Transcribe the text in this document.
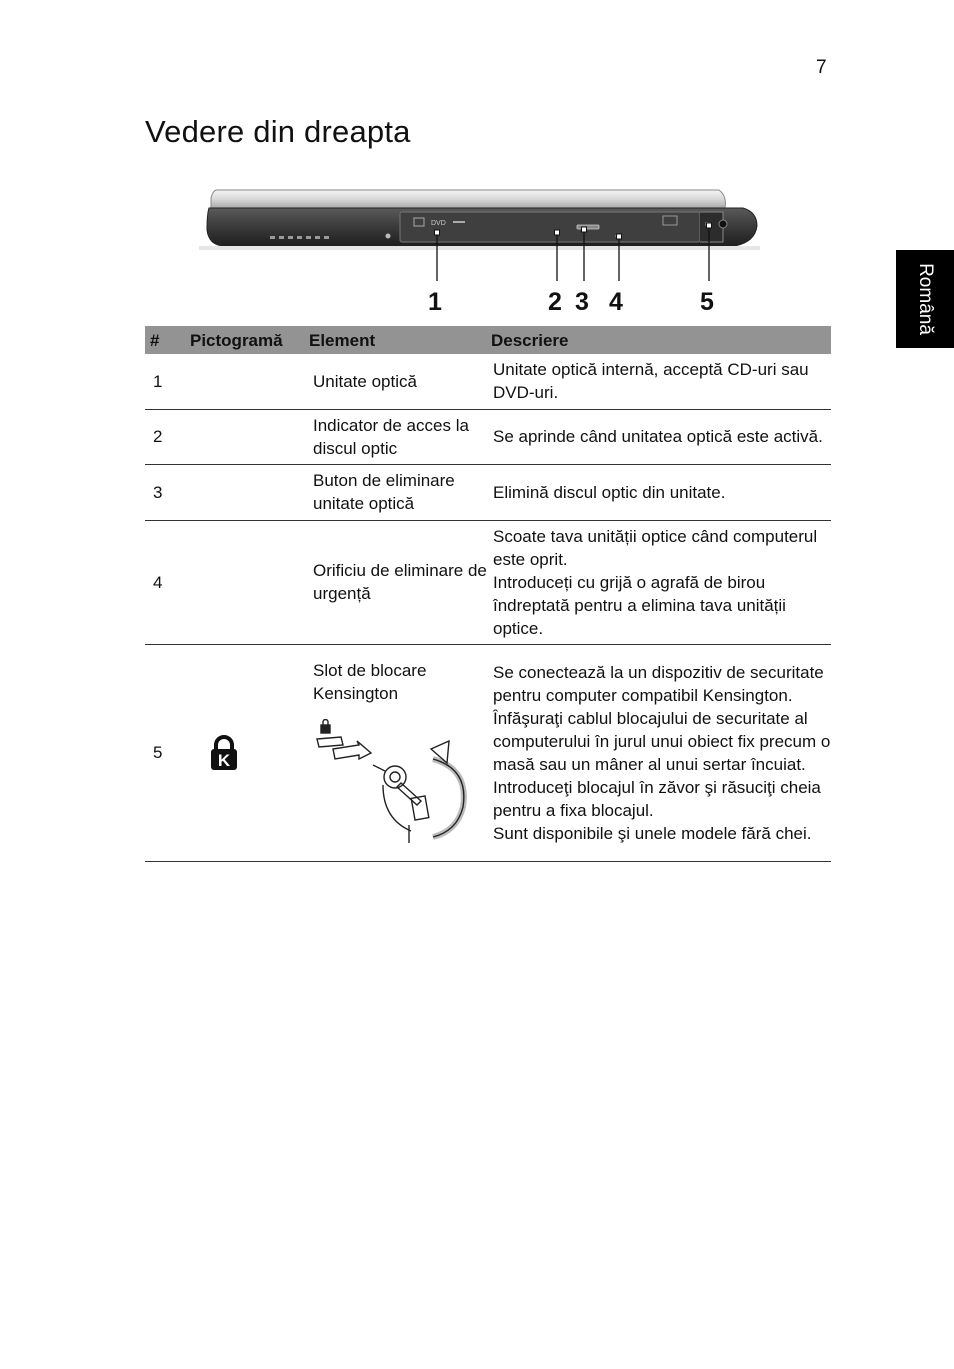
7
Vedere din dreapta
Română
DVD
1	2 3 4	5
#	Pictogramă	Element	Descriere
1		Unitate optică	Unitate optică internă, acceptă CD-uri sau DVD-uri.

2		Indicator de acces la discul optic	Se aprinde când unitatea optică este activă.

3		Buton de eliminare unitate optică	Elimină discul optic din unitate.

4		Orificiu de eliminare de urgență	Scoate tava unității optice când computerul este oprit.
Introduceți cu grijă o agrafă de birou îndreptată pentru a elimina tava unității optice.

5	K	Slot de blocare Kensington	Se conectează la un dispozitiv de securitate pentru computer compatibil Kensington.
Înfăşuraţi cablul blocajului de securitate al computerului în jurul unui obiect fix precum o masă sau un mâner al unui sertar încuiat.
Introduceţi blocajul în zăvor şi răsuciţi cheia pentru a fixa blocajul.
Sunt disponibile şi unele modele fără chei.
